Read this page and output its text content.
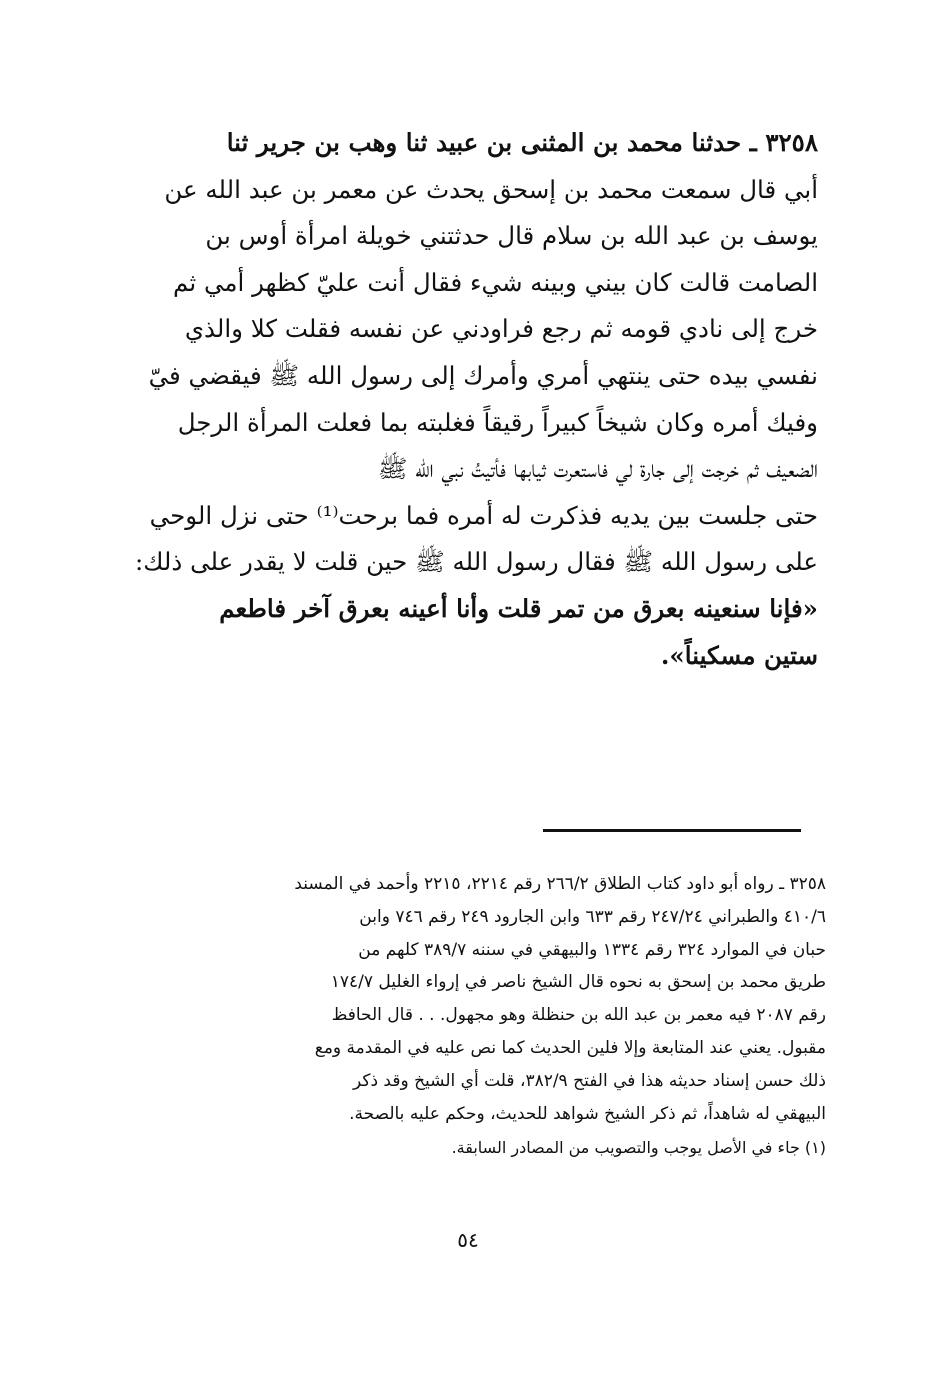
٣٢٥٨ ـ حدثنا محمد بن المثنى بن عبيد ثنا وهب بن جرير ثنا
أبي قال سمعت محمد بن إسحق يحدث عن معمر بن عبد الله عن
يوسف بن عبد الله بن سلام قال حدثتني خويلة امرأة أوس بن
الصامت قالت كان بيني وبينه شيء فقال أنت عليّ كظهر أمي ثم
خرج إلى نادي قومه ثم رجع فراودني عن نفسه فقلت كلا والذي
نفسي بيده حتى ينتهي أمري وأمرك إلى رسول الله ﷺ فيقضي فيّ
وفيك أمره وكان شيخاً كبيراً رقيقاً فغلبته بما فعلت المرأة الرجل
الضعيف ثم خرجت إلى جارة لي فاستعرت ثيابها فأتيتُ نبي الله ﷺ
حتى جلست بين يديه فذكرت له أمره فما برحت⁽¹⁾ حتى نزل الوحي
على رسول الله ﷺ فقال رسول الله ﷺ حين قلت لا يقدر على ذلك:
«فإنا سنعينه بعرق من تمر قلت وأنا أعينه بعرق آخر فاطعم
ستين مسكيناً».
٣٢٥٨ ـ رواه أبو داود كتاب الطلاق ٢٦٦/٢ رقم ٢٢١٤، ٢٢١٥ وأحمد في المسند
٤١٠/٦ والطبراني ٢٤٧/٢٤ رقم ٦٣٣ وابن الجارود ٢٤٩ رقم ٧٤٦ وابن
حبان في الموارد ٣٢٤ رقم ١٣٣٤ والبيهقي في سننه ٣٨٩/٧ كلهم من
طريق محمد بن إسحق به نحوه قال الشيخ ناصر في إرواء الغليل ١٧٤/٧
رقم ٢٠٨٧ فيه معمر بن عبد الله بن حنظلة وهو مجهول. . . قال الحافظ
مقبول. يعني عند المتابعة وإلا فلين الحديث كما نص عليه في المقدمة ومع
ذلك حسن إسناد حديثه هذا في الفتح ٣٨٢/٩، قلت أي الشيخ وقد ذكر
البيهقي له شاهداً، ثم ذكر الشيخ شواهد للحديث، وحكم عليه بالصحة.
(١) جاء في الأصل يوجب والتصويب من المصادر السابقة.
٥٤
